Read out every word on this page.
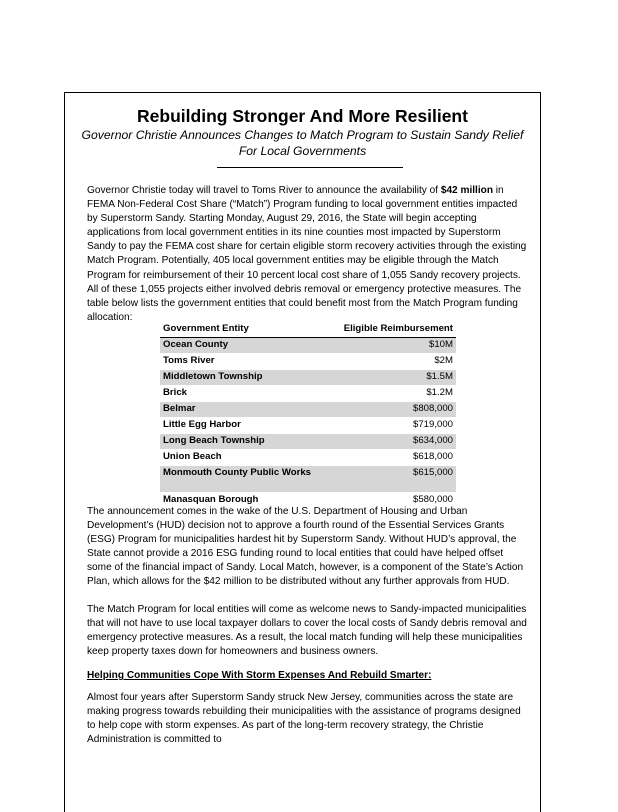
Rebuilding Stronger And More Resilient
Governor Christie Announces Changes to Match Program to Sustain Sandy Relief For Local Governments

Governor Christie today will travel to Toms River to announce the availability of $42 million in FEMA Non-Federal Cost Share (“Match”) Program funding to local government entities impacted by Superstorm Sandy. Starting Monday, August 29, 2016, the State will begin accepting applications from local government entities in its nine counties most impacted by Superstorm Sandy to pay the FEMA cost share for certain eligible storm recovery activities through the existing Match Program. Potentially, 405 local government entities may be eligible through the Match Program for reimbursement of their 10 percent local cost share of 1,055 Sandy recovery projects. All of these 1,055 projects either involved debris removal or emergency protective measures. The table below lists the government entities that could benefit most from the Match Program funding allocation:

Government Entity	Eligible Reimbursement
Ocean County	$10M
Toms River	$2M
Middletown Township	$1.5M
Brick	$1.2M
Belmar	$808,000
Little Egg Harbor	$719,000
Long Beach Township	$634,000
Union Beach	$618,000
Monmouth County Public Works	$615,000
Manasquan Borough	$580,000

The announcement comes in the wake of the U.S. Department of Housing and Urban Development’s (HUD) decision not to approve a fourth round of the Essential Services Grants (ESG) Program for municipalities hardest hit by Superstorm Sandy. Without HUD’s approval, the State cannot provide a 2016 ESG funding round to local entities that could have helped offset some of the financial impact of Sandy. Local Match, however, is a component of the State’s Action Plan, which allows for the $42 million to be distributed without any further approvals from HUD.

The Match Program for local entities will come as welcome news to Sandy-impacted municipalities that will not have to use local taxpayer dollars to cover the local costs of Sandy debris removal and emergency protective measures. As a result, the local match funding will help these municipalities keep property taxes down for homeowners and business owners.

Helping Communities Cope With Storm Expenses And Rebuild Smarter:

Almost four years after Superstorm Sandy struck New Jersey, communities across the state are making progress towards rebuilding their municipalities with the assistance of programs designed to help cope with storm expenses. As part of the long-term recovery strategy, the Christie Administration is committed to
